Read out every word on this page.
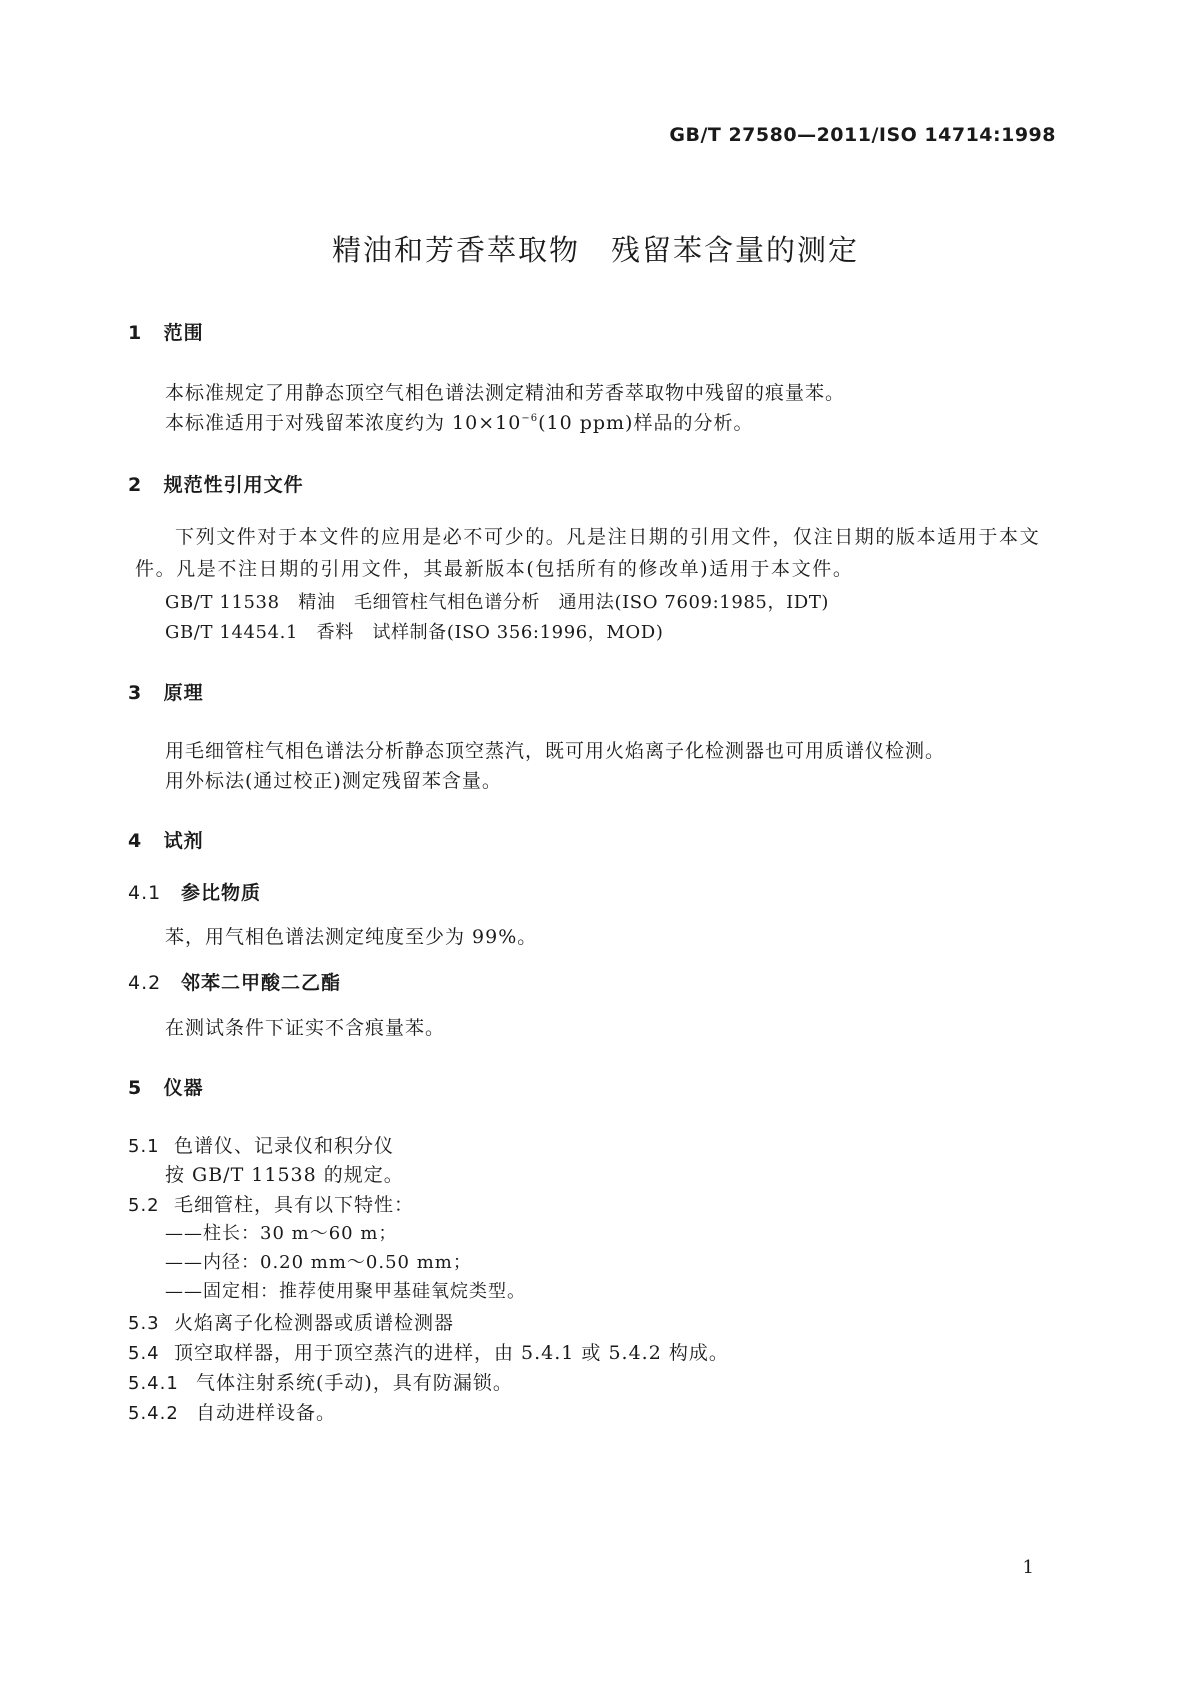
GB/T 27580—2011/ISO 14714:1998
精油和芳香萃取物　残留苯含量的测定
1 范围
本标准规定了用静态顶空气相色谱法测定精油和芳香萃取物中残留的痕量苯。
本标准适用于对残留苯浓度约为 $10\times 10^{-6}(10$ ppm)样品的分析。
2 规范性引用文件
下列文件对于本文件的应用是必不可少的。凡是注日期的引用文件，仅注日期的版本适用于本文件。凡是不注日期的引用文件，其最新版本(包括所有的修改单)适用于本文件。
GB/T 11538　精油　毛细管柱气相色谱分析　通用法(ISO 7609:1985，IDT)
GB/T 14454.1　香料　试样制备(ISO 356:1996，MOD)
3 原理
用毛细管柱气相色谱法分析静态顶空蒸汽，既可用火焰离子化检测器也可用质谱仪检测。
用外标法(通过校正)测定残留苯含量。
4 试剂
4.1 参比物质
苯，用气相色谱法测定纯度至少为 99%。
4.2 邻苯二甲酸二乙酯
在测试条件下证实不含痕量苯。
5 仪器
5.1 色谱仪、记录仪和积分仪
按 GB/T 11538 的规定。
5.2 毛细管柱，具有以下特性：
——柱长：30 m～60 m；
——内径：0.20 mm～0.50 mm；
——固定相：推荐使用聚甲基硅氧烷类型。
5.3 火焰离子化检测器或质谱检测器
5.4 顶空取样器，用于顶空蒸汽的进样，由 5.4.1 或 5.4.2 构成。
5.4.1 气体注射系统(手动)，具有防漏锁。
5.4.2 自动进样设备。
1
